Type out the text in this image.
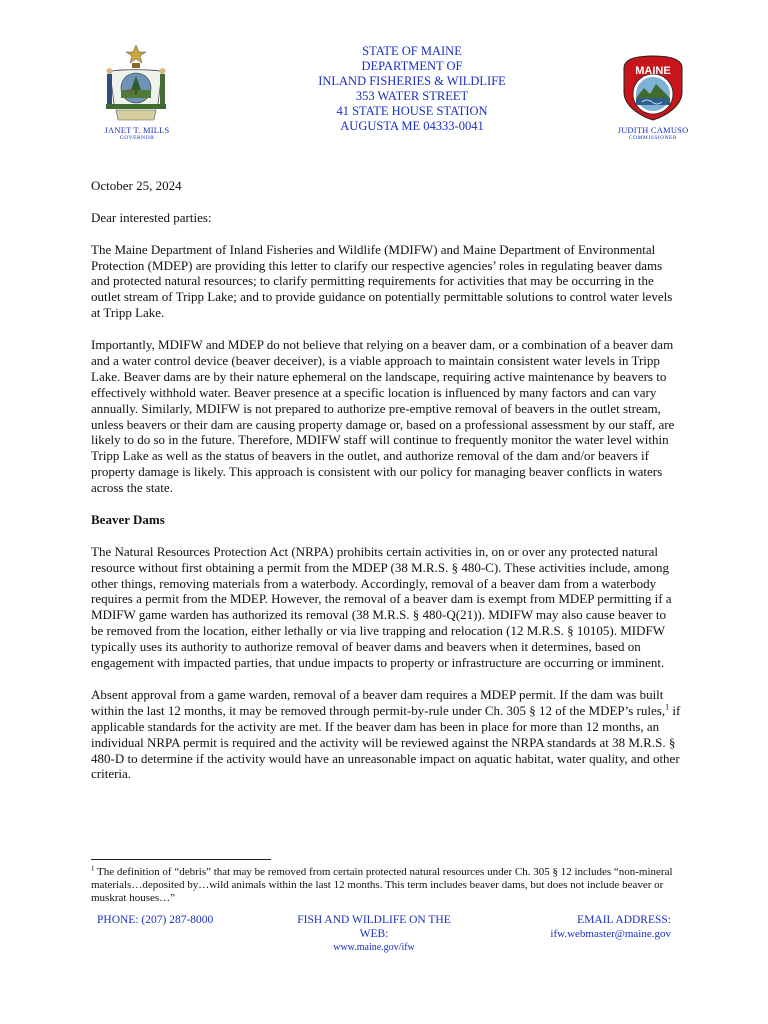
JANET T. MILLS
GOVERNOR
STATE OF MAINE
DEPARTMENT OF
INLAND FISHERIES & WILDLIFE
353 WATER STREET
41 STATE HOUSE STATION
AUGUSTA ME 04333-0041
MAINE
JUDITH CAMUSO
COMMISSIONER

October 25, 2024

Dear interested parties:

The Maine Department of Inland Fisheries and Wildlife (MDIFW) and Maine Department of Environmental Protection (MDEP) are providing this letter to clarify our respective agencies’ roles in regulating beaver dams and protected natural resources; to clarify permitting requirements for activities that may be occurring in the outlet stream of Tripp Lake; and to provide guidance on potentially permittable solutions to control water levels at Tripp Lake.

Importantly, MDIFW and MDEP do not believe that relying on a beaver dam, or a combination of a beaver dam and a water control device (beaver deceiver), is a viable approach to maintain consistent water levels in Tripp Lake. Beaver dams are by their nature ephemeral on the landscape, requiring active maintenance by beavers to effectively withhold water. Beaver presence at a specific location is influenced by many factors and can vary annually. Similarly, MDIFW is not prepared to authorize pre-emptive removal of beavers in the outlet stream, unless beavers or their dam are causing property damage or, based on a professional assessment by our staff, are likely to do so in the future. Therefore, MDIFW staff will continue to frequently monitor the water level within Tripp Lake as well as the status of beavers in the outlet, and authorize removal of the dam and/or beavers if property damage is likely. This approach is consistent with our policy for managing beaver conflicts in waters across the state.

Beaver Dams

The Natural Resources Protection Act (NRPA) prohibits certain activities in, on or over any protected natural resource without first obtaining a permit from the MDEP (38 M.R.S. § 480-C). These activities include, among other things, removing materials from a waterbody. Accordingly, removal of a beaver dam from a waterbody requires a permit from the MDEP. However, the removal of a beaver dam is exempt from MDEP permitting if a MDIFW game warden has authorized its removal (38 M.R.S. § 480-Q(21)). MDIFW may also cause beaver to be removed from the location, either lethally or via live trapping and relocation (12 M.R.S. § 10105). MIDFW typically uses its authority to authorize removal of beaver dams and beavers when it determines, based on engagement with impacted parties, that undue impacts to property or infrastructure are occurring or imminent.

Absent approval from a game warden, removal of a beaver dam requires a MDEP permit. If the dam was built within the last 12 months, it may be removed through permit-by-rule under Ch. 305 § 12 of the MDEP’s rules,$^1$ if applicable standards for the activity are met. If the beaver dam has been in place for more than 12 months, an individual NRPA permit is required and the activity will be reviewed against the NRPA standards at 38 M.R.S. § 480-D to determine if the activity would have an unreasonable impact on aquatic habitat, water quality, and other criteria.

$^1$ The definition of “debris” that may be removed from certain protected natural resources under Ch. 305 § 12 includes “non-mineral materials…deposited by…wild animals within the last 12 months. This term includes beaver dams, but does not include beaver or muskrat houses…”
PHONE: (207) 287-8000	FISH AND WILDLIFE ON THE WEB:
www.maine.gov/ifw
EMAIL ADDRESS:
ifw.webmaster@maine.gov
